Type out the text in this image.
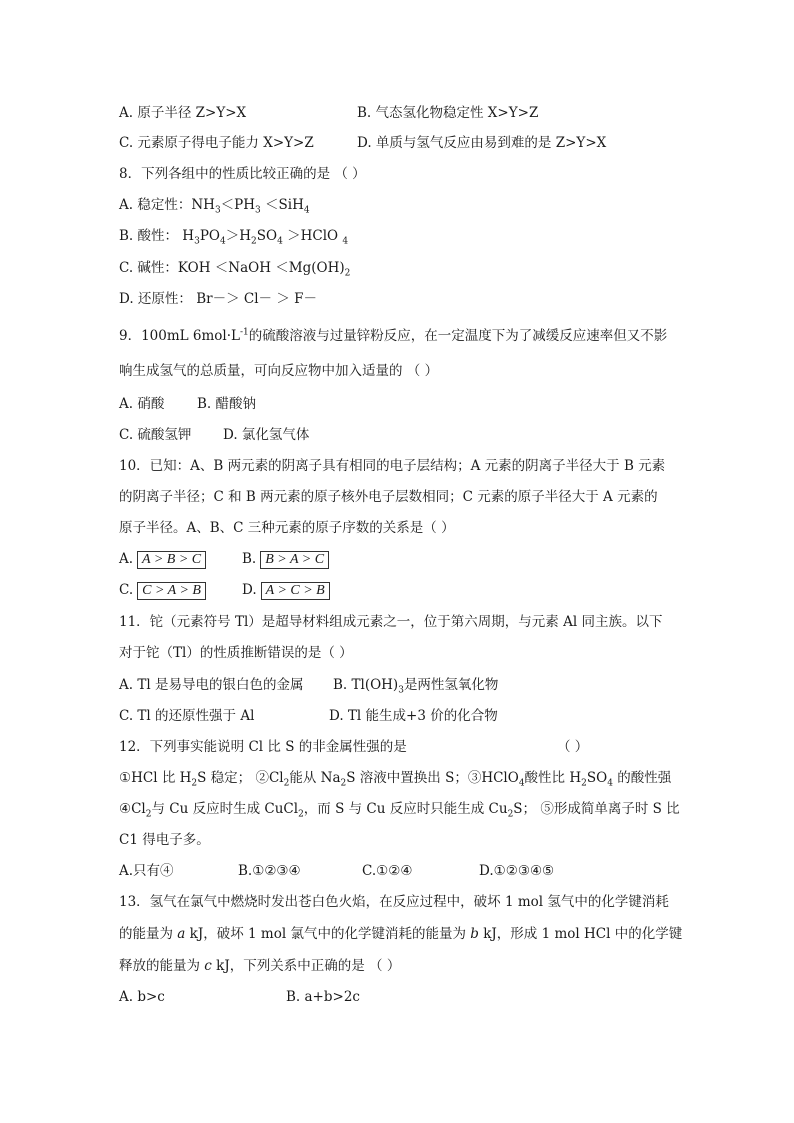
A. 原子半径 Z>Y>X	B. 气态氢化物稳定性 X>Y>Z
C. 元素原子得电子能力 X>Y>Z	D. 单质与氢气反应由易到难的是 Z>Y>X
8．下列各组中的性质比较正确的是 （ ）
A. 稳定性：$NH_3<PH_3 <SiH_4$
B. 酸性： $H_3PO_4>H_2SO_4$ ＞HClO $_4$
C. 碱性：KOH ＜NaOH $<Mg(OH)_2$
D. 还原性： Br－＞ Cl－ ＞ F－
9．100mL $6mol\cdot L^{-1}$的硫酸溶液与过量锌粉反应，在一定温度下为了减缓反应速率但又不影
响生成氢气的总质量，可向反应物中加入适量的 （ ）
A. 硝酸 B. 醋酸钠
C. 硫酸氢钾 D. 氯化氢气体
10．已知：A、B 两元素的阴离子具有相同的电子层结构；A 元素的阴离子半径大于 B 元素
的阴离子半径；C 和 B 两元素的原子核外电子层数相同；C 元素的原子半径大于 A 元素的
原子半径。A、B、C 三种元素的原子序数的关系是（ ）
A. A > B > C	B. B > A > C
C. C > A > B	D. A > C > B
11．铊（元素符号 Tl）是超导材料组成元素之一，位于第六周期，与元素 Al 同主族。以下
对于铊（Tl）的性质推断错误的是（ ）
A. Tl 是易导电的银白色的金属 B. $Tl(OH)_3$是两性氢氧化物
C. Tl 的还原性强于 Al	D. Tl 能生成+3 价的化合物
12．下列事实能说明 Cl 比 S 的非金属性强的是	（ ）
①HCl 比 $H_2S$ 稳定； $②Cl_2$能从 $Na_2S$ 溶液中置换出 S；③HClO$_4$酸性比 $H_2SO_4$ 的酸性强
$④Cl_2$与 Cu 反应时生成 CuCl$_2$，而 S 与 Cu 反应时只能生成 $Cu_2S$； ⑤形成简单离子时 S 比
C1 得电子多。
A.只有④	B.①②③④	C.①②④	D.①②③④⑤
13．氢气在氯气中燃烧时发出苍白色火焰，在反应过程中，破坏 1 mol 氢气中的化学键消耗
的能量为 a kJ，破坏 1 mol 氯气中的化学键消耗的能量为 b kJ，形成 1 mol HCl 中的化学键
释放的能量为 c kJ，下列关系中正确的是 （ ）
A. b>c	B. a+b>2c
